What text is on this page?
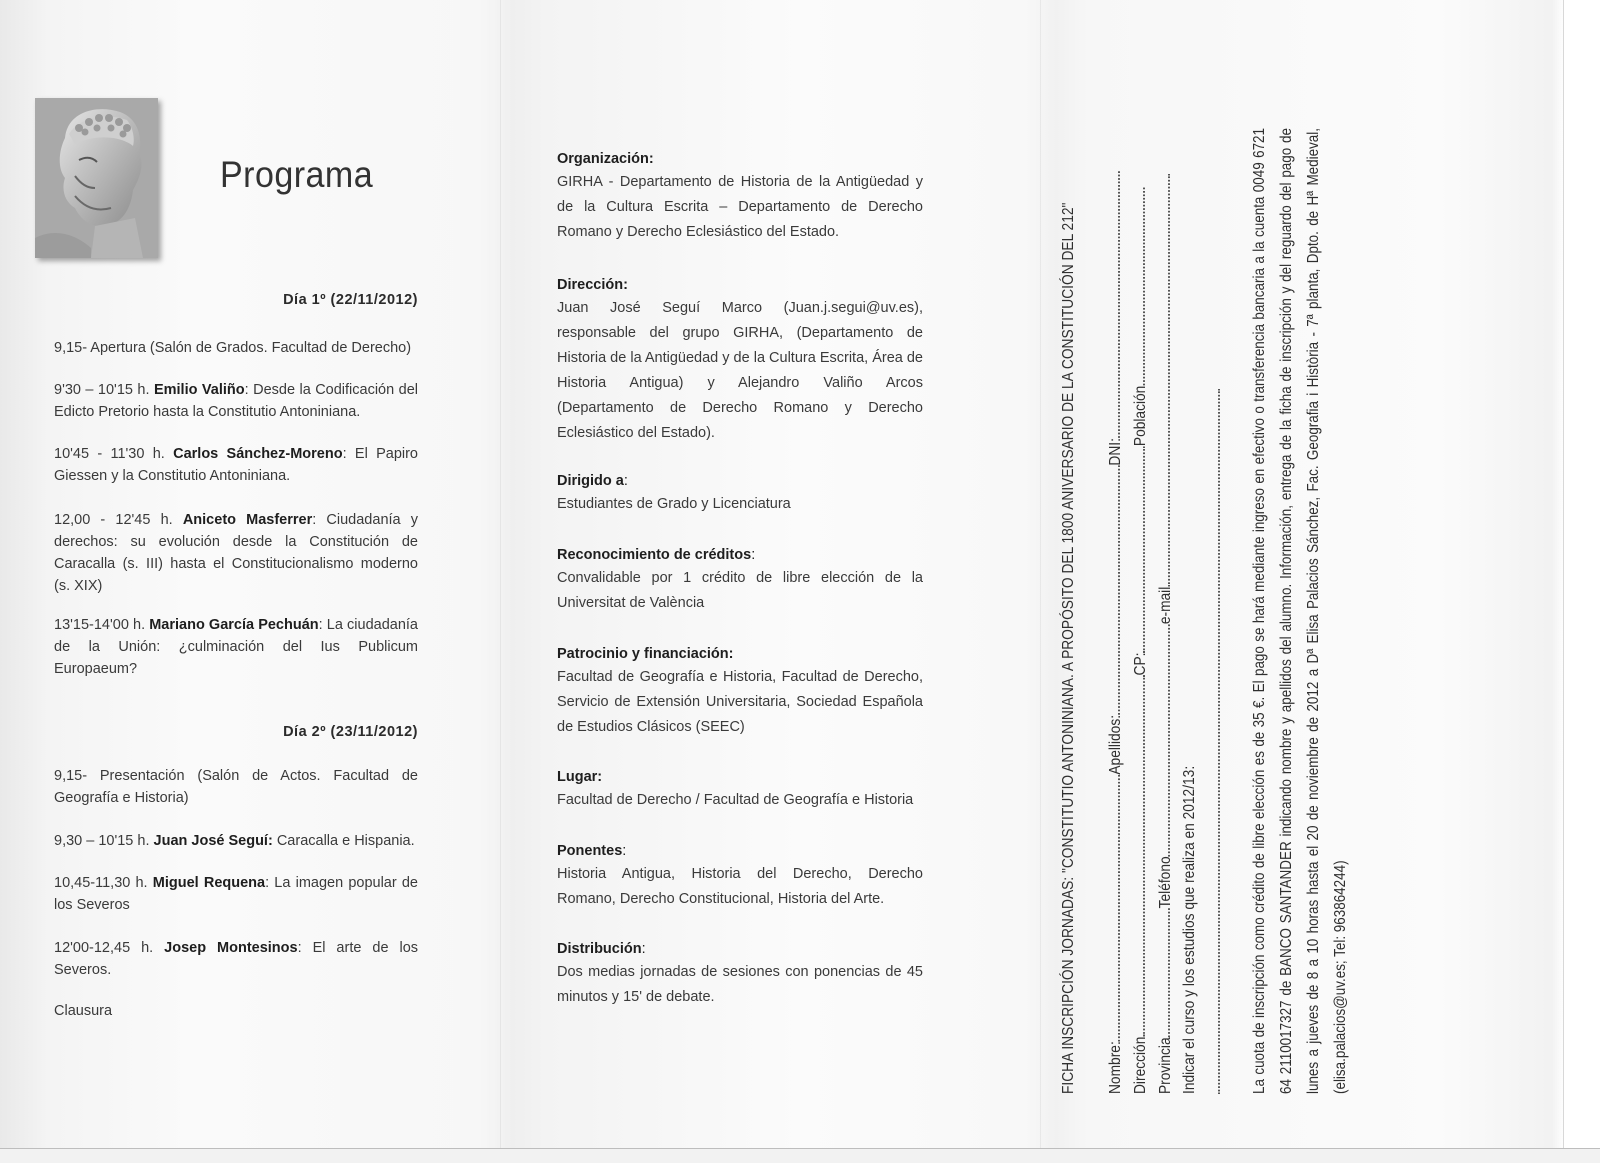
Programa
Día 1º (22/11/2012)
9,15- Apertura (Salón de Grados. Facultad de Derecho)
9'30 – 10'15 h. Emilio Valiño: Desde la Codificación del Edicto Pretorio hasta la Constitutio Antoniniana.
10'45 - 11'30 h. Carlos Sánchez-Moreno: El Papiro Giessen y la Constitutio Antoniniana.
12,00 - 12'45 h. Aniceto Masferrer: Ciudadanía y derechos: su evolución desde la Constitución de Caracalla (s. III) hasta el Constitucionalismo moderno (s. XIX)
13'15-14'00 h. Mariano García Pechuán: La ciudadanía de la Unión: ¿culminación del Ius Publicum Europaeum?
Día 2º (23/11/2012)
9,15- Presentación (Salón de Actos. Facultad de Geografía e Historia)
9,30 – 10'15 h. Juan José Seguí: Caracalla e Hispania.
10,45-11,30 h. Miguel Requena: La imagen popular de los Severos
12'00-12,45 h. Josep Montesinos: El arte de los Severos.
Clausura
Organización:
GIRHA - Departamento de Historia de la Antigüedad y de la Cultura Escrita – Departamento de Derecho Romano y Derecho Eclesiástico del Estado.
Dirección:
Juan José Seguí Marco (Juan.j.segui@uv.es), responsable del grupo GIRHA, (Departamento de Historia de la Antigüedad y de la Cultura Escrita, Área de Historia Antigua) y Alejandro Valiño Arcos (Departamento de Derecho Romano y Derecho Eclesiástico del Estado).
Dirigido a:
Estudiantes de Grado y Licenciatura
Reconocimiento de créditos:
Convalidable por 1 crédito de libre elección de la Universitat de València
Patrocinio y financiación:
Facultad de Geografía e Historia, Facultad de Derecho, Servicio de Extensión Universitaria, Sociedad Española de Estudios Clásicos (SEEC)
Lugar:
Facultad de Derecho / Facultad de Geografía e Historia
Ponentes:
Historia Antigua, Historia del Derecho, Derecho Romano, Derecho Constitucional, Historia del Arte.
Distribución:
Dos medias jornadas de sesiones con ponencias de 45 minutos y 15' de debate.	FICHA INSCRIPCIÓN JORNADAS: "CONSTITUTIO ANTONINIANA. A PROPÓSITO DEL 1800 ANIVERSARIO DE LA CONSTITUCIÓN DEL 212" Nombre:Apellidos:DNI:
DirecciónCP:Población
ProvinciaTeléfonoe-mail
Indicar el curso y los estudios que realiza en 2012/13:	La cuota de inscripción como crédito de libre elección es de 35 €. El pago se hará mediante ingreso en efectivo o transferencia bancaria a la cuenta 0049 6721 64 2110017327 de BANCO SANTANDER indicando nombre y apellidos del alumno. Información, entrega de la ficha de inscripción y del reguardo del pago de lunes a jueves de 8 a 10 horas hasta el 20 de noviembre de 2012 a Dª Elisa Palacios Sánchez, Fac. Geografia i Història - 7ª planta, Dpto. de Hª Medieval, (elisa.palacios@uv.es; Tel: 963864244)
